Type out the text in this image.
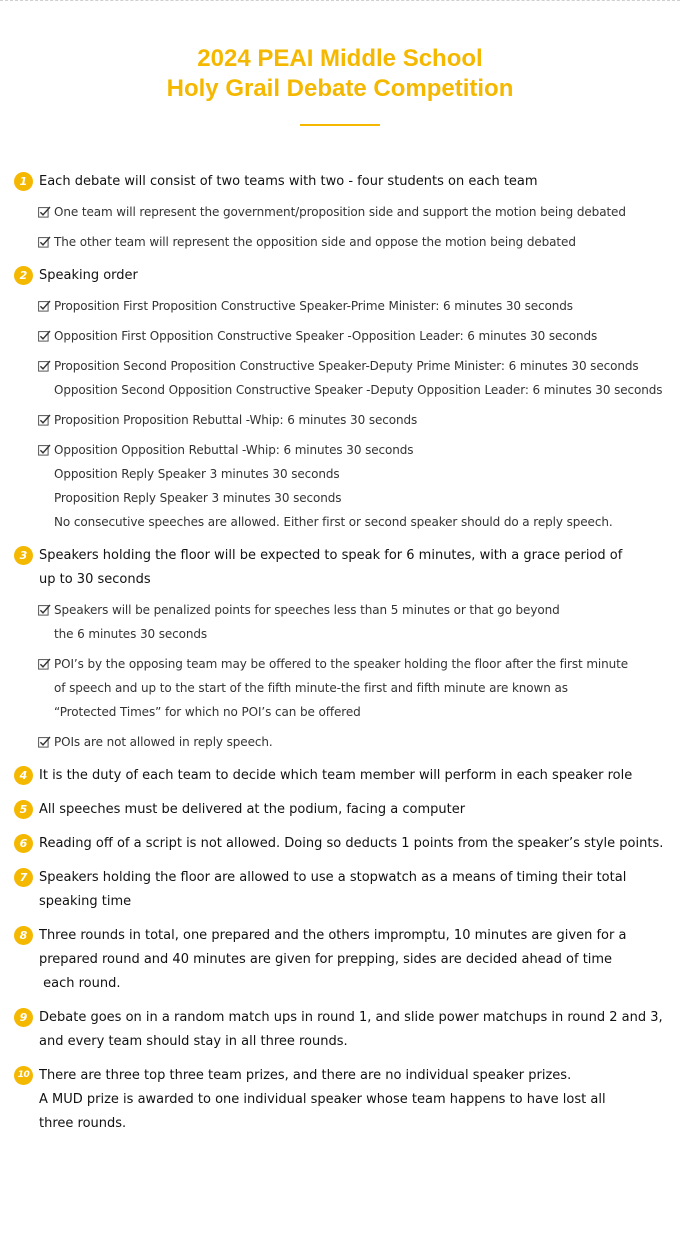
2024 PEAI Middle School
Holy Grail Debate Competition
1 Each debate will consist of two teams with two - four students on each team
One team will represent the government/proposition side and support the motion being debated
The other team will represent the opposition side and oppose the motion being debated
2 Speaking order
Proposition First Proposition Constructive Speaker-Prime Minister: 6 minutes 30 seconds
Opposition First Opposition Constructive Speaker -Opposition Leader: 6 minutes 30 seconds
Proposition Second Proposition Constructive Speaker-Deputy Prime Minister: 6 minutes 30 seconds
Opposition Second Opposition Constructive Speaker -Deputy Opposition Leader: 6 minutes 30 seconds
Proposition Proposition Rebuttal -Whip: 6 minutes 30 seconds
Opposition Opposition Rebuttal -Whip: 6 minutes 30 seconds
Opposition Reply Speaker 3 minutes 30 seconds
Proposition Reply Speaker 3 minutes 30 seconds
No consecutive speeches are allowed. Either first or second speaker should do a reply speech.
3 Speakers holding the floor will be expected to speak for 6 minutes, with a grace period of
up to 30 seconds
Speakers will be penalized points for speeches less than 5 minutes or that go beyond
the 6 minutes 30 seconds
POI’s by the opposing team may be offered to the speaker holding the floor after the first minute
of speech and up to the start of the fifth minute-the first and fifth minute are known as
“Protected Times” for which no POI’s can be offered
POIs are not allowed in reply speech.
4 It is the duty of each team to decide which team member will perform in each speaker role
5 All speeches must be delivered at the podium, facing a computer
6 Reading off of a script is not allowed. Doing so deducts 1 points from the speaker’s style points.
7 Speakers holding the floor are allowed to use a stopwatch as a means of timing their total
speaking time
8 Three rounds in total, one prepared and the others impromptu, 10 minutes are given for a
prepared round and 40 minutes are given for prepping, sides are decided ahead of time
each round.
9 Debate goes on in a random match ups in round 1, and slide power matchups in round 2 and 3,
and every team should stay in all three rounds.
10 There are three top three team prizes, and there are no individual speaker prizes.
A MUD prize is awarded to one individual speaker whose team happens to have lost all
three rounds.
